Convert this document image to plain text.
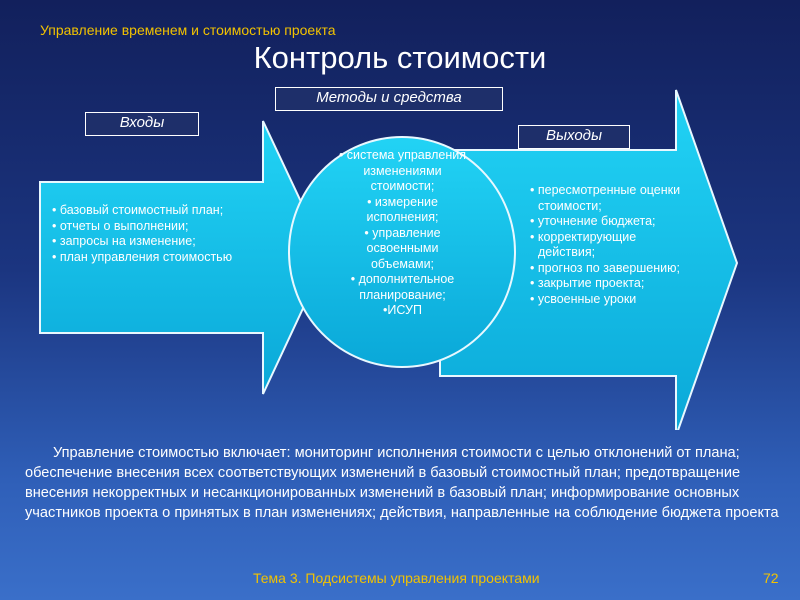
Управление временем и стоимостью проекта
Контроль стоимости
Входы
Методы и средства
Выходы
• базовый стоимостный план;
• отчеты о выполнении;
• запросы на изменение;
• план управления стоимостью
• система управления изменениями стоимости;
• измерение исполнения;
• управление освоенными объемами;
• дополнительное планирование;
•ИСУП
• пересмотренные оценки стоимости;
• уточнение бюджета;
• корректирующие действия;
• прогноз по завершению;
• закрытие проекта;
• усвоенные уроки
Управление стоимостью включает: мониторинг исполнения стоимости с целью отклонений от плана; обеспечение внесения всех соответствующих изменений в базовый стоимостный план; предотвращение внесения некорректных и несанкционированных изменений в базовый план; информирование основных участников проекта о принятых в план изменениях; действия, направленные на соблюдение бюджета проекта
Тема 3. Подсистемы управления проектами	72
